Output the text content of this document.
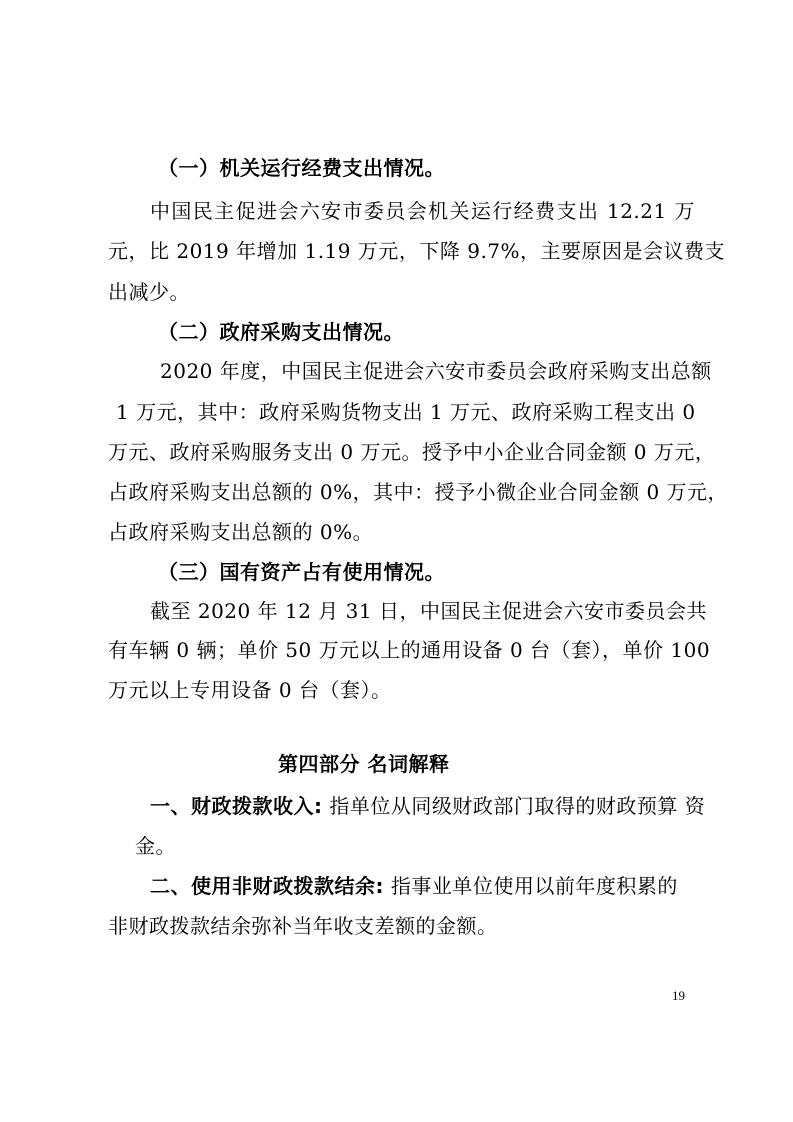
（一）机关运行经费支出情况。
中国民主促进会六安市委员会机关运行经费支出 12.21 万
元，比 2019 年增加 1.19 万元，下降 9.7%，主要原因是会议费支
出减少。
（二）政府采购支出情况。
2020 年度，中国民主促进会六安市委员会政府采购支出总额
1 万元，其中：政府采购货物支出 1 万元、政府采购工程支出 0
万元、政府采购服务支出 0 万元。授予中小企业合同金额 0 万元，
占政府采购支出总额的 0%，其中：授予小微企业合同金额 0 万元，
占政府采购支出总额的 0%。
（三）国有资产占有使用情况。
截至 2020 年 12 月 31 日，中国民主促进会六安市委员会共
有车辆 0 辆；单价 50 万元以上的通用设备 0 台（套），单价 100
万元以上专用设备 0 台（套）。
第四部分 名词解释
一、财政拨款收入: 指单位从同级财政部门取得的财政预算 资
金。
二、使用非财政拨款结余: 指事业单位使用以前年度积累的
非财政拨款结余弥补当年收支差额的金额。
19
